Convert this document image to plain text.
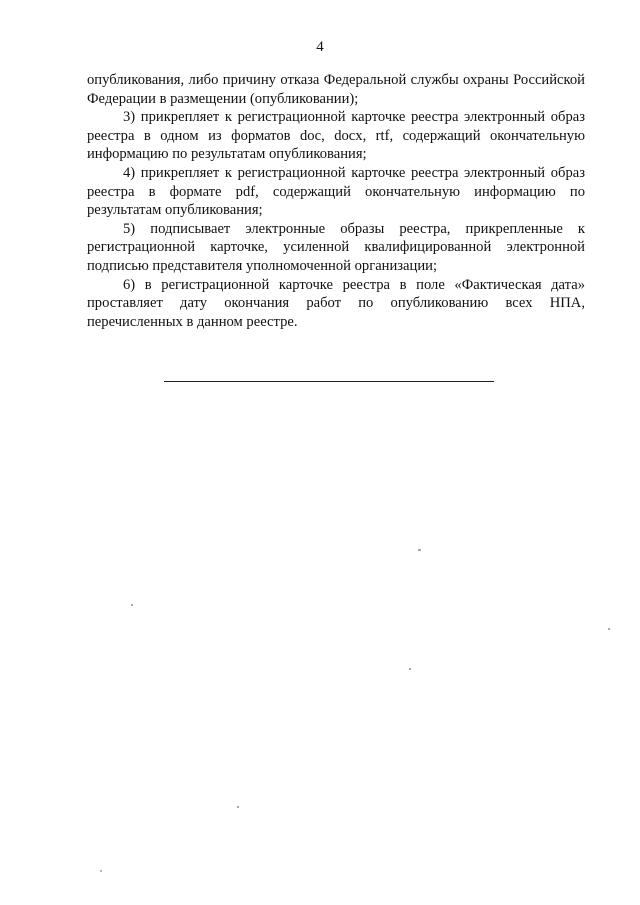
4

опубликования, либо причину отказа Федеральной службы охраны Российской Федерации в размещении (опубликовании);

3) прикрепляет к регистрационной карточке реестра электронный образ реестра в одном из форматов doc, docx, rtf, содержащий окончательную информацию по результатам опубликования;

4) прикрепляет к регистрационной карточке реестра электронный образ реестра в формате pdf, содержащий окончательную информацию по результатам опубликования;

5) подписывает электронные образы реестра, прикрепленные к регистрационной карточке, усиленной квалифицированной электронной подписью представителя уполномоченной организации;

6) в регистрационной карточке реестра в поле «Фактическая дата» проставляет дату окончания работ по опубликованию всех НПА, перечисленных в данном реестре.
